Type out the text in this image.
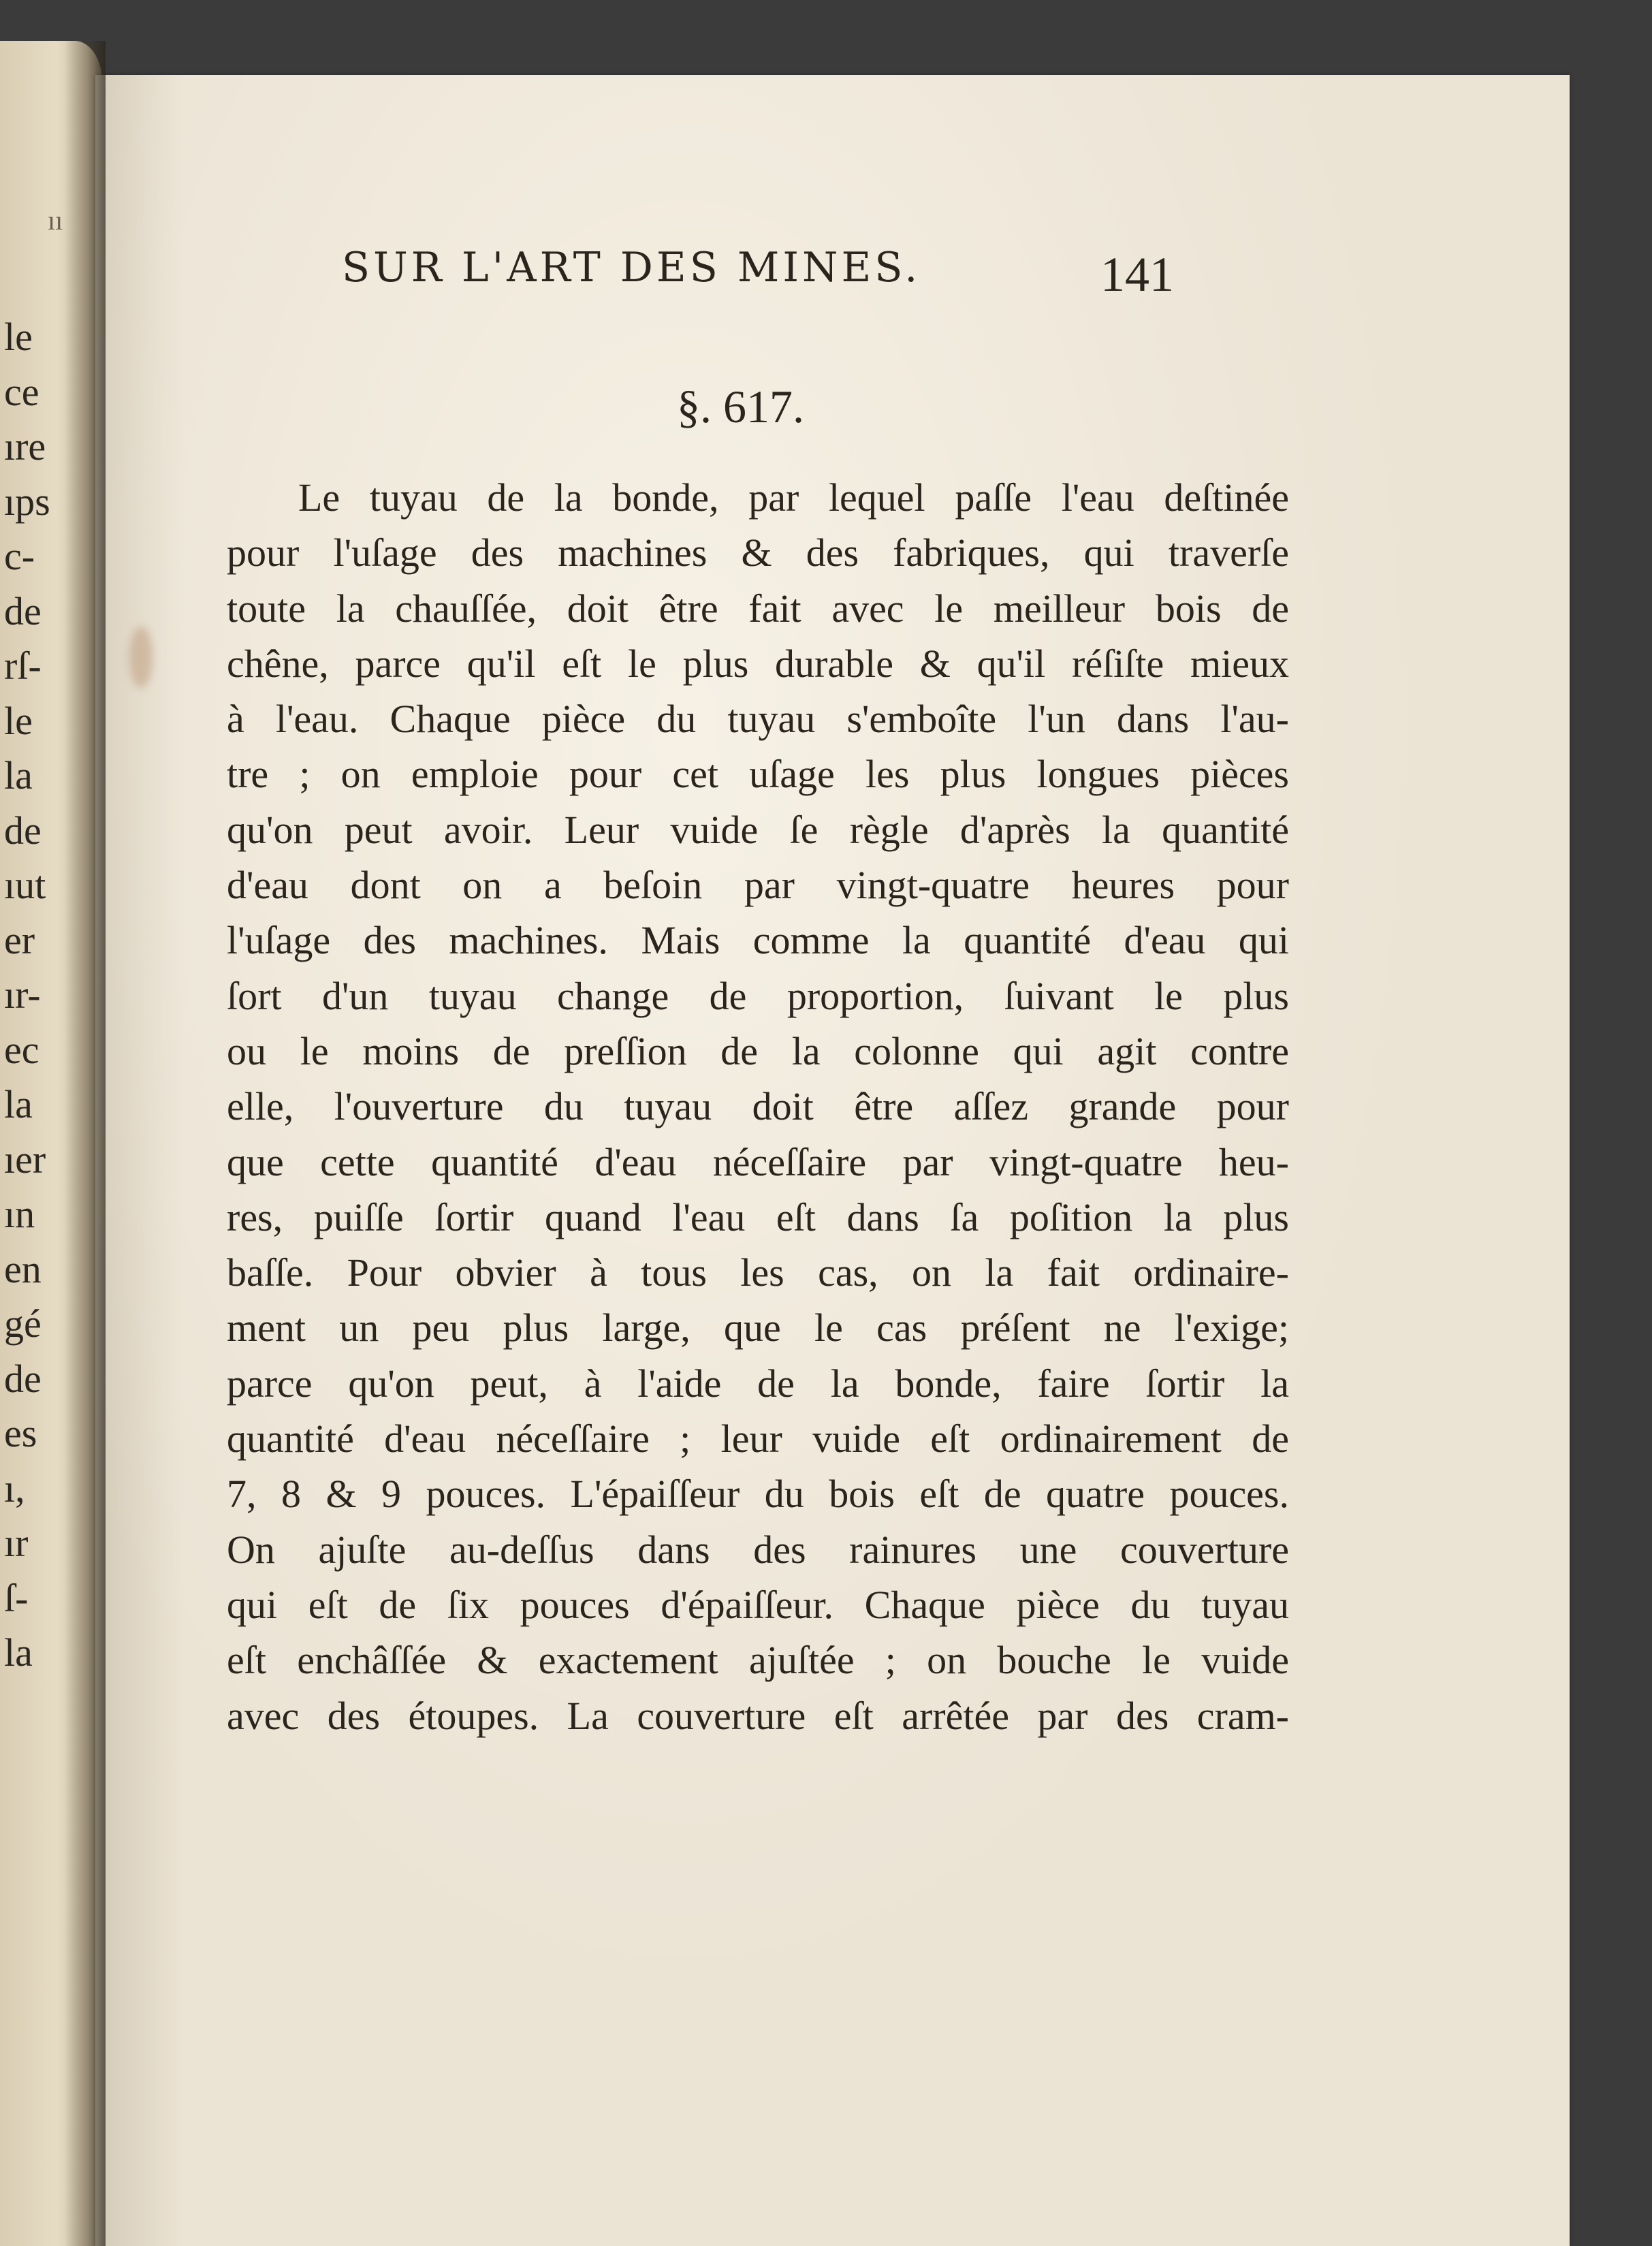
ıı
le
ce
ıre
ıps
c-
de
rſ-
le
la
de
ıut
er
ır-
ec
la
ıer
ın
en
gé
de
es
ı,
ır
ſ-
la
SUR L'ART DES MINES.	141
§. 617.
Le tuyau de la bonde, par lequel paſſe l'eau deſtinée
pour l'uſage des machines & des fabriques, qui traverſe
toute la chauſſée, doit être fait avec le meilleur bois de
chêne, parce qu'il eſt le plus durable & qu'il réſiſte mieux
à l'eau. Chaque pièce du tuyau s'emboîte l'un dans l'au-
tre ; on emploie pour cet uſage les plus longues pièces
qu'on peut avoir. Leur vuide ſe règle d'après la quantité
d'eau dont on a beſoin par vingt-quatre heures pour
l'uſage des machines. Mais comme la quantité d'eau qui
ſort d'un tuyau change de proportion, ſuivant le plus
ou le moins de preſſion de la colonne qui agit contre
elle, l'ouverture du tuyau doit être aſſez grande pour
que cette quantité d'eau néceſſaire par vingt-quatre heu-
res, puiſſe ſortir quand l'eau eſt dans ſa poſition la plus
baſſe. Pour obvier à tous les cas, on la fait ordinaire-
ment un peu plus large, que le cas préſent ne l'exige;
parce qu'on peut, à l'aide de la bonde, faire ſortir la
quantité d'eau néceſſaire ; leur vuide eſt ordinairement de
7, 8 & 9 pouces. L'épaiſſeur du bois eſt de quatre pouces.
On ajuſte au-deſſus dans des rainures une couverture
qui eſt de ſix pouces d'épaiſſeur. Chaque pièce du tuyau
eſt enchâſſée & exactement ajuſtée ; on bouche le vuide
avec des étoupes. La couverture eſt arrêtée par des cram-
